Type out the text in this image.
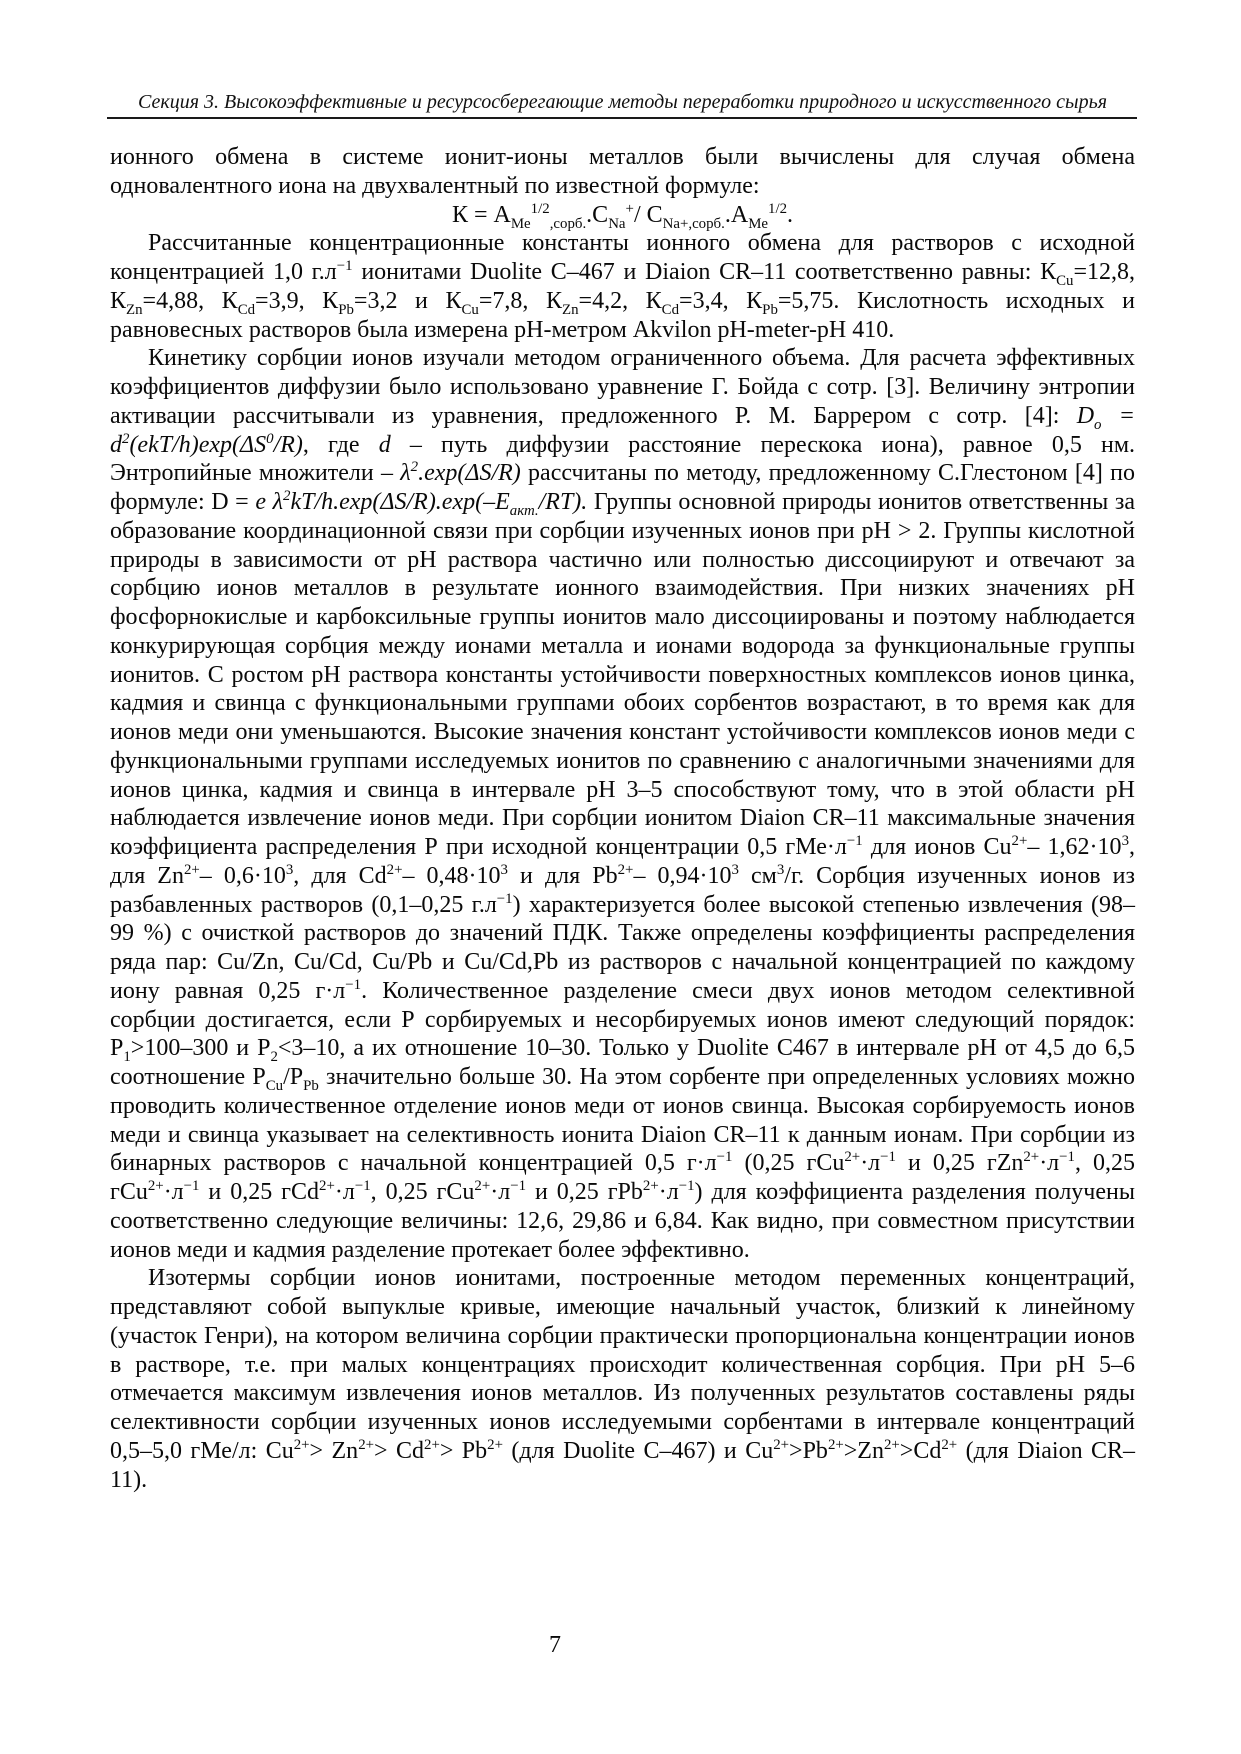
Секция 3. Высокоэффективные и ресурсосберегающие методы переработки природного и искусственного сырья

ионного обмена в системе ионит-ионы металлов были вычислены для случая обмена одновалентного иона на двухвалентный по известной формуле:

$К = A_{Me}^{1/2}_{,сорб.}.C_{Na}^+/$ $C_{Na+,сорб.}.A_{Me}^{1/2}$.

Рассчитанные концентрационные константы ионного обмена для растворов с исходной концентрацией 1,0 $г.л^{-1}$ ионитами Duolite C–467 и Diaion CR–11 соответственно равны: $К_{Cu}=12,8$, $К_{Zn}=4,88$, $К_{Cd}=3,9$, $К_{Pb}=3,2$ и $К_{Cu}=7,8$, $К_{Zn}=4,2$, $К_{Cd}=3,4$, $К_{Pb}=5,75$. Кислотность исходных и равновесных растворов была измерена рН-метром Akvilon pH-meter-pH 410.

Кинетику сорбции ионов изучали методом ограниченного объема. Для расчета эффективных коэффициентов диффузии было использовано уравнение Г. Бойда с сотр. [3]. Величину энтропии активации рассчитывали из уравнения, предложенного Р. М. Баррером с сотр. [4]: $D_o = d^2(ekT/h)\exp(\Delta S^0/R)$, где d – путь диффузии расстояние перескока иона), равное 0,5 нм. Энтропийные множители – $\lambda^2.\exp(\Delta S/R)$ рассчитаны по методу, предложенному С.Глестоном [4] по формуле: D = e $\lambda^2kT/h.\exp(\Delta S/R).\exp(-E_{акт.}/RT)$. Группы основной природы ионитов ответственны за образование координационной связи при сорбции изученных ионов при рН > 2. Группы кислотной природы в зависимости от рН раствора частично или полностью диссоциируют и отвечают за сорбцию ионов металлов в результате ионного взаимодействия. При низких значениях рН фосфорнокислые и карбоксильные группы ионитов мало диссоциированы и поэтому наблюдается конкурирующая сорбция между ионами металла и ионами водорода за функциональные группы ионитов. С ростом рН раствора константы устойчивости поверхностных комплексов ионов цинка, кадмия и свинца с функциональными группами обоих сорбентов возрастают, в то время как для ионов меди они уменьшаются. Высокие значения констант устойчивости комплексов ионов меди с функциональными группами исследуемых ионитов по сравнению с аналогичными значениями для ионов цинка, кадмия и свинца в интервале рН 3–5 способствуют тому, что в этой области рН наблюдается извлечение ионов меди. При сорбции ионитом Diaion CR–11 максимальные значения коэффициента распределения Р при исходной концентрации 0,5 $гМе\cdot л^{-1}$ для ионов $Cu^{2+}-$ $1,62\cdot 10^3$, для $Zn^{2+}-$ $0,6\cdot 10^3$, для $Cd^{2+}-$ $0,48\cdot 10^3$ и для $Pb^{2+}-$ $0,94\cdot 10^3$ $см^3/г$. Сорбция изученных ионов из разбавленных растворов (0,1–0,25 $г.л^{-1}$) характеризуется более высокой степенью извлечения (98–99 %) с очисткой растворов до значений ПДК. Также определены коэффициенты распределения ряда пар: Cu/Zn, Cu/Cd, Cu/Pb и Cu/Cd,Pb из растворов с начальной концентрацией по каждому иону равная 0,25 $г\cdot л^{-1}$. Количественное разделение смеси двух ионов методом селективной сорбции достигается, если Р сорбируемых и несорбируемых ионов имеют следующий порядок: $Р_1>100-300$ и $Р_2<3-10$, а их отношение 10–30. Только у Duolite C467 в интервале рН от 4,5 до 6,5 соотношение $Р_{Cu}/Р_{Pb}$ значительно больше 30. На этом сорбенте при определенных условиях можно проводить количественное отделение ионов меди от ионов свинца. Высокая сорбируемость ионов меди и свинца указывает на селективность ионита Diaion CR–11 к данным ионам. При сорбции из бинарных растворов с начальной концентрацией 0,5 $г\cdot л^{-1}$ (0,25 $гCu^{2+}\cdot л^{-1}$ и 0,25 $гZn^{2+}\cdot л^{-1}$, 0,25 $гCu^{2+}\cdot л^{-1}$ и 0,25 $гCd^{2+}\cdot л^{-1}$, 0,25 $гCu^{2+}\cdot л^{-1}$ и 0,25 $гPb^{2+}\cdot л^{-1}$) для коэффициента разделения получены соответственно следующие величины: 12,6, 29,86 и 6,84. Как видно, при совместном присутствии ионов меди и кадмия разделение протекает более эффективно.

Изотермы сорбции ионов ионитами, построенные методом переменных концентраций, представляют собой выпуклые кривые, имеющие начальный участок, близкий к линейному (участок Генри), на котором величина сорбции практически пропорциональна концентрации ионов в растворе, т.е. при малых концентрациях происходит количественная сорбция. При рН 5–6 отмечается максимум извлечения ионов металлов. Из полученных результатов составлены ряды селективности сорбции изученных ионов исследуемыми сорбентами в интервале концентраций 0,5–5,0 гМе/л: $Cu^{2+}> Zn^{2+}> Cd^{2+}> Pb^{2+}$ (для Duolite C–467) и $Cu^{2+}>Pb^{2+}>Zn^{2+}>Cd^{2+}$ (для Diaion CR–11).

7
